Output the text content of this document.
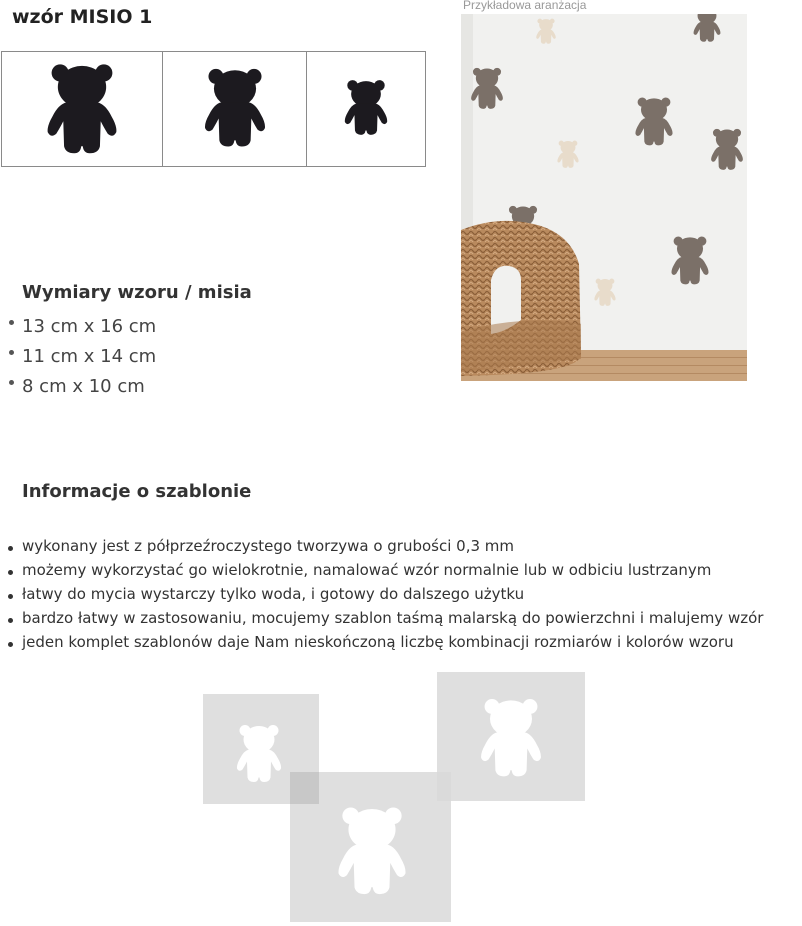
wzór MISIO 1
Przykładowa aranżacja
Wymiary wzoru / misia
13 cm x 16 cm
11 cm x 14 cm
8 cm x 10 cm
Informacje o szablonie
wykonany jest z półprzeźroczystego tworzywa o grubości 0,3 mm
możemy wykorzystać go wielokrotnie, namalować wzór normalnie lub w odbiciu lustrzanym
łatwy do mycia wystarczy tylko woda, i gotowy do dalszego użytku
bardzo łatwy w zastosowaniu, mocujemy szablon taśmą malarską do powierzchni i malujemy wzór
jeden komplet szablonów daje Nam nieskończoną liczbę kombinacji rozmiarów i kolorów wzoru
